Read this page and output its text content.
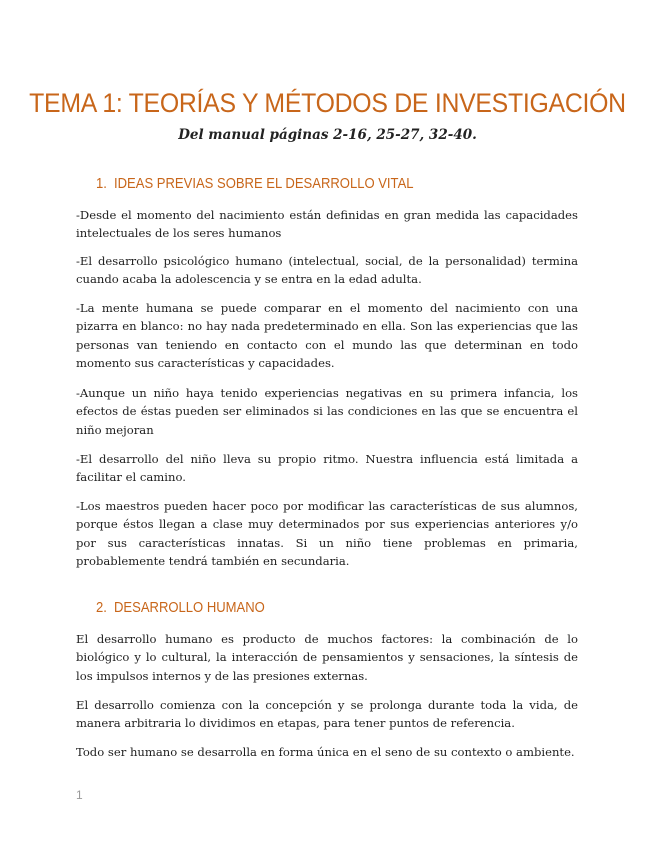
TEMA 1: TEORÍAS Y MÉTODOS DE INVESTIGACIÓN

Del manual páginas 2-16, 25-27, 32-40.

1. IDEAS PREVIAS SOBRE EL DESARROLLO VITAL

-Desde el momento del nacimiento están definidas en gran medida las capacidades intelectuales de los seres humanos

-El desarrollo psicológico humano (intelectual, social, de la personalidad) termina cuando acaba la adolescencia y se entra en la edad adulta.

-La mente humana se puede comparar en el momento del nacimiento con una pizarra en blanco: no hay nada predeterminado en ella. Son las experiencias que las personas van teniendo en contacto con el mundo las que determinan en todo momento sus características y capacidades.

-Aunque un niño haya tenido experiencias negativas en su primera infancia, los efectos de éstas pueden ser eliminados si las condiciones en las que se encuentra el niño mejoran

-El desarrollo del niño lleva su propio ritmo. Nuestra influencia está limitada a facilitar el camino.

-Los maestros pueden hacer poco por modificar las características de sus alumnos, porque éstos llegan a clase muy determinados por sus experiencias anteriores y/o por sus características innatas. Si un niño tiene problemas en primaria, probablemente tendrá también en secundaria.

2. DESARROLLO HUMANO

El desarrollo humano es producto de muchos factores: la combinación de lo biológico y lo cultural, la interacción de pensamientos y sensaciones, la síntesis de los impulsos internos y de las presiones externas.

El desarrollo comienza con la concepción y se prolonga durante toda la vida, de manera arbitraria lo dividimos en etapas, para tener puntos de referencia.

Todo ser humano se desarrolla en forma única en el seno de su contexto o ambiente.

1
